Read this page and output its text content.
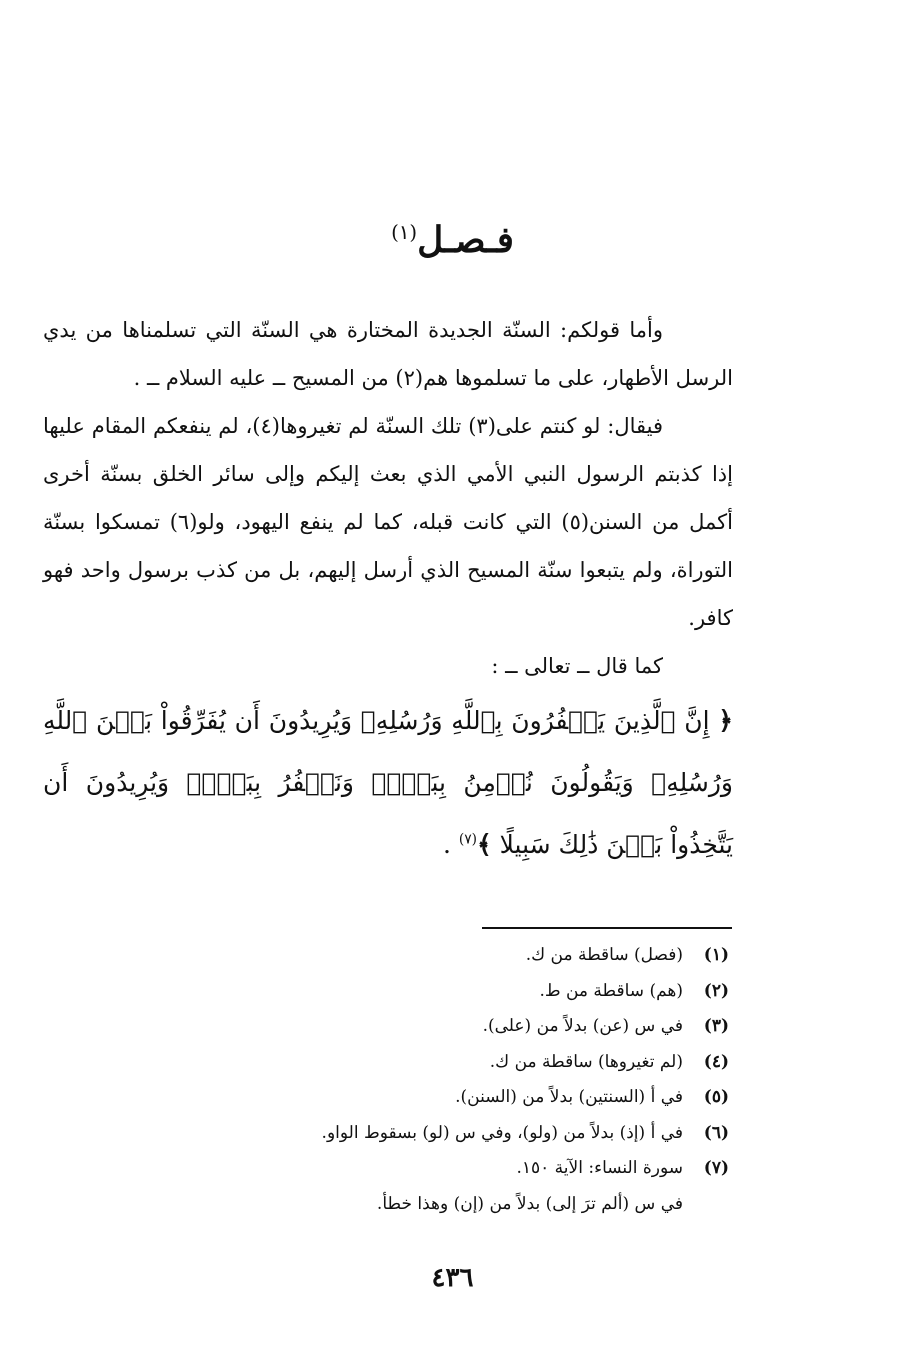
فـصـل$^{(١)}$

وأما قولكم: السنّة الجديدة المختارة هي السنّة التي تسلمناها من يدي الرسل الأطهار، على ما تسلموها هم(٢) من المسيح ــ عليه السلام ــ .

فيقال: لو كنتم على(٣) تلك السنّة لم تغيروها(٤)، لم ينفعكم المقام عليها إذا كذبتم الرسول النبي الأمي الذي بعث إليكم وإلى سائر الخلق بسنّة أخرى أكمل من السنن(٥) التي كانت قبله، كما لم ينفع اليهود، ولو(٦) تمسكوا بسنّة التوراة، ولم يتبعوا سنّة المسيح الذي أرسل إليهم، بل من كذب برسول واحد فهو كافر.

كما قال ــ تعالى ــ :

﴿ إِنَّ ٱلَّذِينَ يَكۡفُرُونَ بِٱللَّهِ وَرُسُلِهِۦ وَيُرِيدُونَ أَن يُفَرِّقُواْ بَيۡنَ ٱللَّهِ وَرُسُلِهِۦ وَيَقُولُونَ نُؤۡمِنُ بِبَعۡضٖ وَنَكۡفُرُ بِبَعۡضٖ وَيُرِيدُونَ أَن يَتَّخِذُواْ بَيۡنَ ذَٰلِكَ سَبِيلًا ﴾$^{(٧)}$ .

(١)
(فصل) ساقطة من ك.
(٢)
(هم) ساقطة من ط.
(٣)
في س (عن) بدلاً من (على).
(٤)
(لم تغيروها) ساقطة من ك.
(٥)
في أ (السنتين) بدلاً من (السنن).
(٦)
في أ (إذ) بدلاً من (ولو)، وفي س (لو) بسقوط الواو.
(٧)
سورة النساء: الآية ١٥٠.
في س (ألم ترَ إلى) بدلاً من (إن) وهذا خطأ.
٤٣٦
